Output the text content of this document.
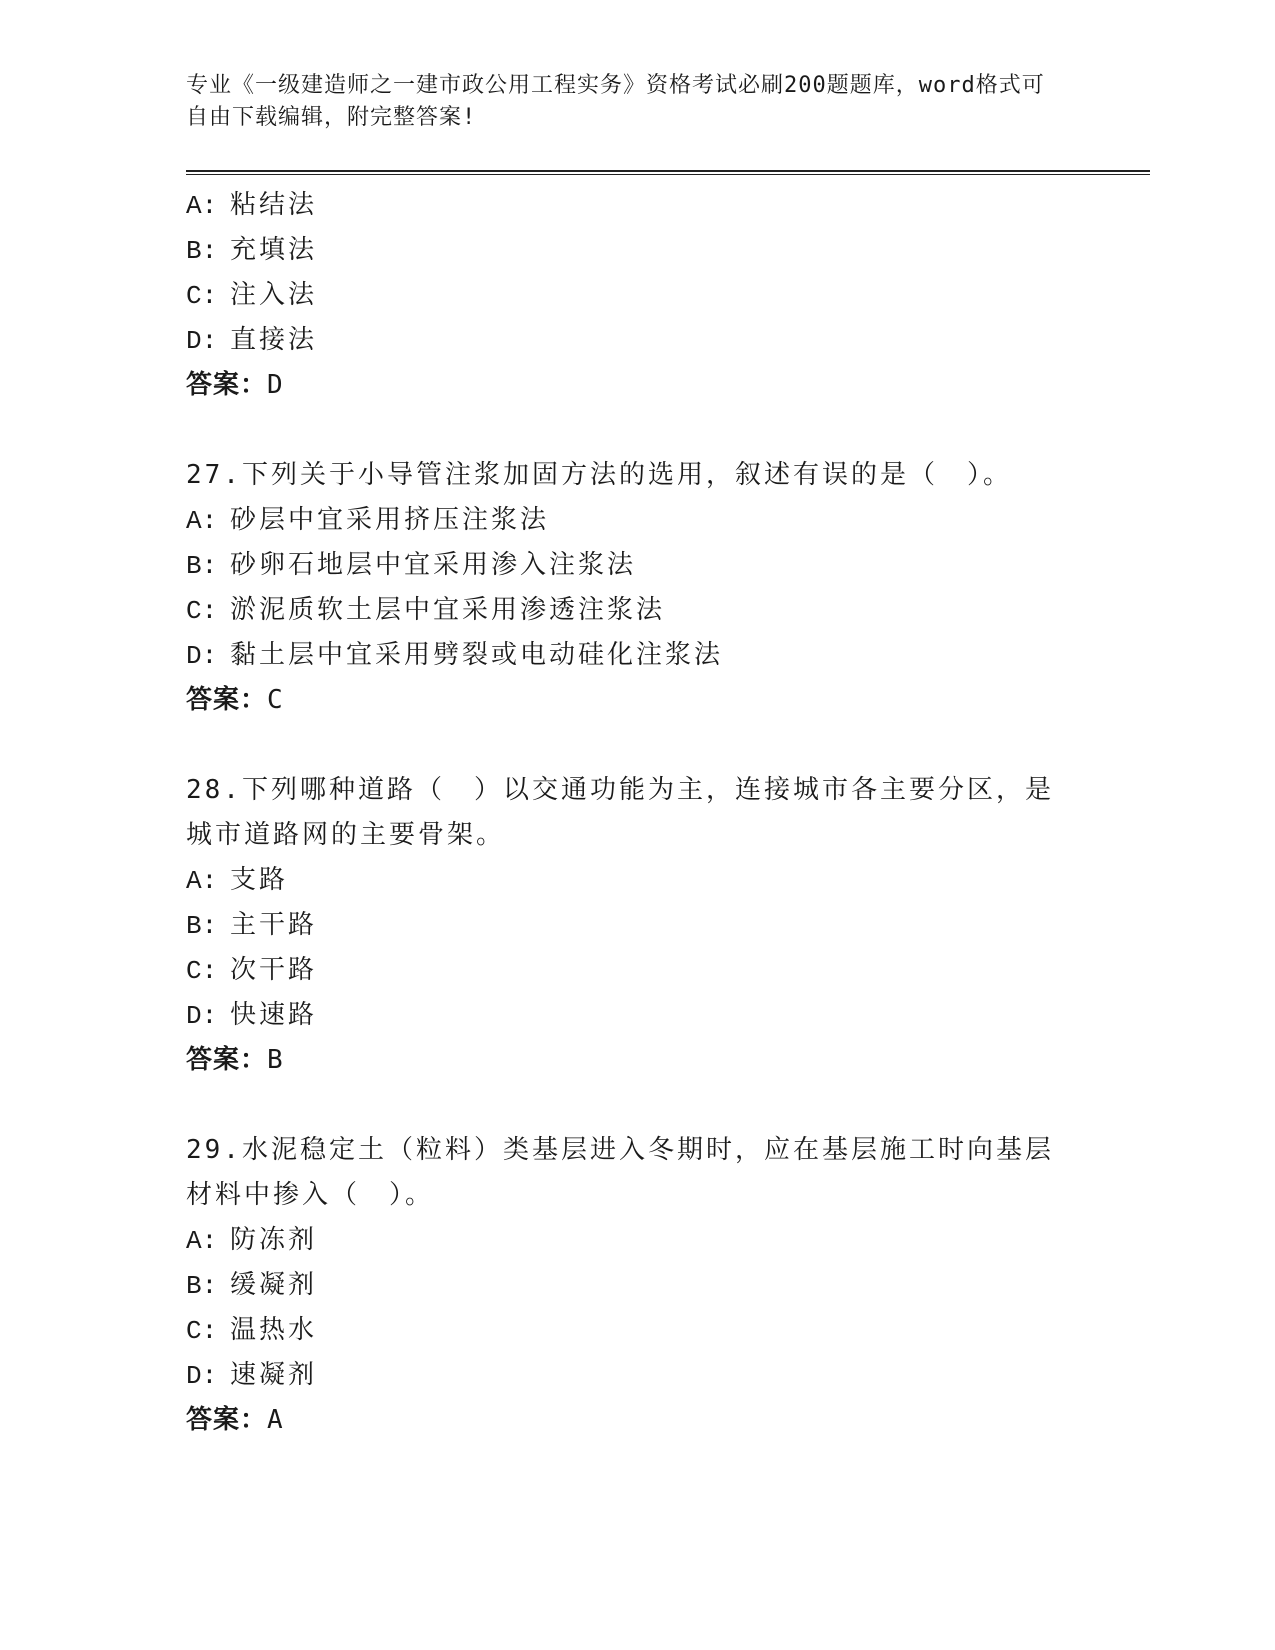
专业《一级建造师之一建市政公用工程实务》资格考试必刷200题题库，word格式可自由下载编辑，附完整答案!

A: 粘结法
B: 充填法
C: 注入法
D: 直接法
答案：D
27.下列关于小导管注浆加固方法的选用，叙述有误的是（　）。
A: 砂层中宜采用挤压注浆法
B: 砂卵石地层中宜采用渗入注浆法
C: 淤泥质软土层中宜采用渗透注浆法
D: 黏土层中宜采用劈裂或电动硅化注浆法
答案：C
28.下列哪种道路（　）以交通功能为主，连接城市各主要分区，是城市道路网的主要骨架。
A: 支路
B: 主干路
C: 次干路
D: 快速路
答案：B
29.水泥稳定土（粒料）类基层进入冬期时，应在基层施工时向基层材料中掺入（　）。
A: 防冻剂
B: 缓凝剂
C: 温热水
D: 速凝剂
答案：A
